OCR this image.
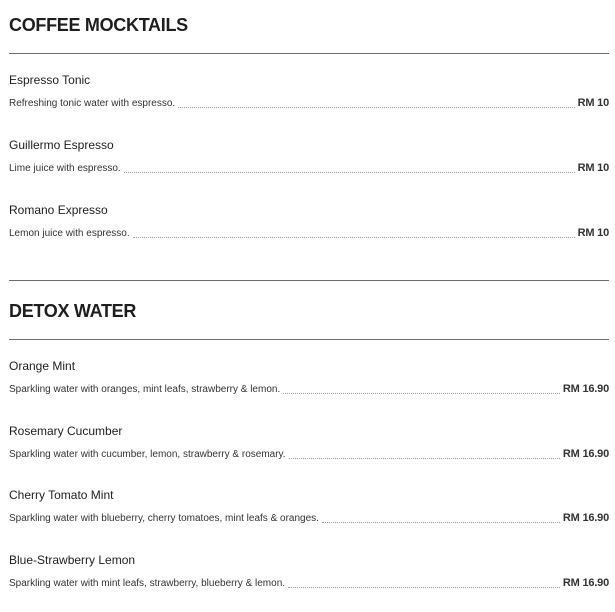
COFFEE MOCKTAILS
Espresso Tonic
Refreshing tonic water with espresso.	RM 10
Guillermo Espresso
Lime juice with espresso.	RM 10
Romano Expresso
Lemon juice with espresso.	RM 10
DETOX WATER
Orange Mint
Sparkling water with oranges, mint leafs, strawberry & lemon.	RM 16.90
Rosemary Cucumber
Sparkling water with cucumber, lemon, strawberry & rosemary.	RM 16.90
Cherry Tomato Mint
Sparkling water with blueberry, cherry tomatoes, mint leafs & oranges.	RM 16.90
Blue-Strawberry Lemon
Sparkling water with mint leafs, strawberry, blueberry & lemon.	RM 16.90
